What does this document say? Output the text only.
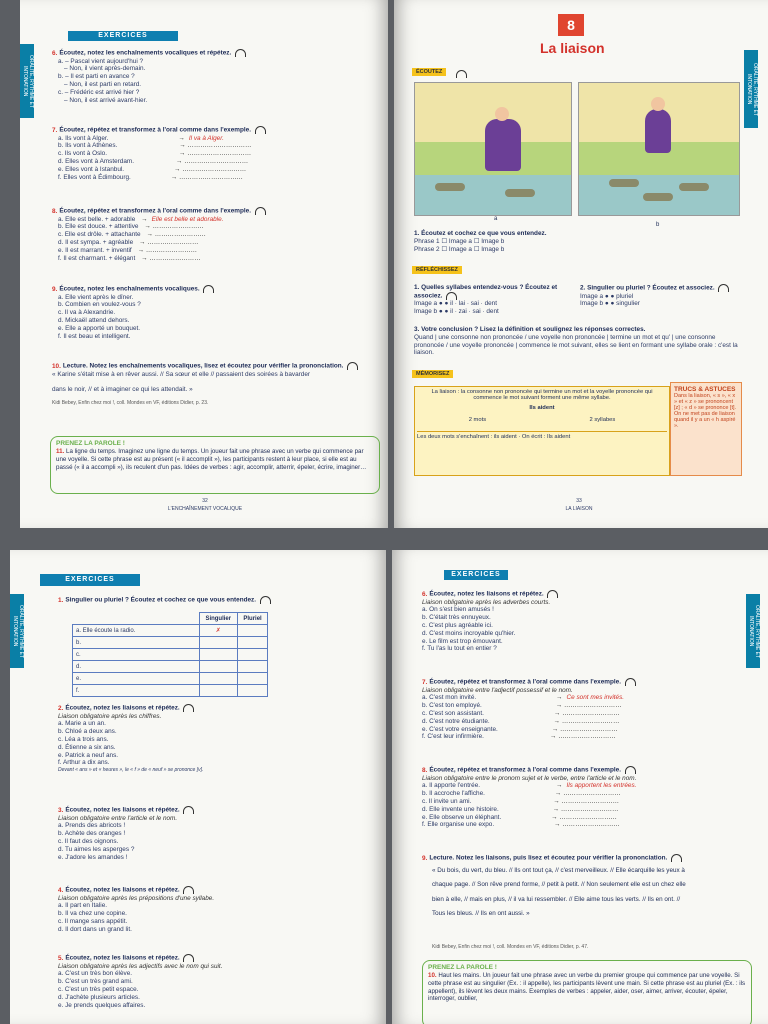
ORALITÉ, RYTHME ET INTONATION
EXERCICES
6. Écoutez, notez les enchaînements vocaliques et répétez.
a. – Pascal vient aujourd'hui ?
– Non, il vient après-demain.
b. – Il est parti en avance ?
– Non, il est parti en retard.
c. – Frédéric est arrivé hier ?
– Non, il est arrivé avant-hier.
7. Écoutez, répétez et transformez à l'oral comme dans l'exemple.
a. Ils vont à Alger.	→ Il va à Alger.
b. Ils vont à Athènes.	→ …………………………
c. Ils vont à Oslo.	→ …………………………
d. Elles vont à Amsterdam.	→ …………………………
e. Elles vont à Istanbul.	→ …………………………
f. Elles vont à Édimbourg.	→ …………………………
8. Écoutez, répétez et transformez à l'oral comme dans l'exemple.
a. Elle est belle. + adorable → Elle est belle et adorable.
b. Elle est douce. + attentive → ……………………
c. Elle est drôle. + attachante → ……………………
d. Il est sympa. + agréable → ……………………
e. Il est marrant. + inventif → ……………………
f. Il est charmant. + élégant → ……………………
9. Écoutez, notez les enchaînements vocaliques.
a. Elle vient après le dîner.
b. Combien en voulez-vous ?
c. Il va à Alexandrie.
d. Mickaël attend dehors.
e. Elle a apporté un bouquet.
f. Il est beau et intelligent.
10. Lecture. Notez les enchaînements vocaliques, lisez et écoutez pour vérifier la prononciation.
« Karine s'était mise à en rêver aussi. // Sa sœur et elle // passaient des soirées à bavarder
dans le noir, // et à imaginer ce qui les attendait. »
Kidi Bebey, Enfin chez moi !, coll. Mondes en VF, éditions Didier, p. 23.
PRENEZ LA PAROLE !
11. La ligne du temps. Imaginez une ligne du temps. Un joueur fait une phrase avec un verbe qui commence par une voyelle. Si cette phrase est au présent (« il accomplit »), les participants restent à leur place, si elle est au passé (« il a accompli »), ils reculent d'un pas. Idées de verbes : agir, accomplir, atterrir, épeler, écrire, imaginer…
32
L'ENCHAÎNEMENT VOCALIQUE
8
La liaison
ORALITÉ, RYTHME ET INTONATION
ÉCOUTEZ
a
b
1. Écoutez et cochez ce que vous entendez.
Phrase 1 ☐ Image a ☐ Image b
Phrase 2 ☐ Image a ☐ Image b
RÉFLÉCHISSEZ
1. Quelles syllabes entendez-vous ? Écoutez et associez.
Image a ● ● il · lai · sai · dent
Image b ● ● il · zai · sai · dent
2. Singulier ou pluriel ? Écoutez et associez.
Image a ● ● pluriel
Image b ● ● singulier
3. Votre conclusion ? Lisez la définition et soulignez les réponses correctes.
Quand | une consonne non prononcée / une voyelle non prononcée | termine un mot et qu' | une consonne prononcée / une voyelle prononcée | commence le mot suivant, elles se lient en formant une syllabe orale : c'est la liaison.
MÉMORISEZ
La liaison : la consonne non prononcée qui termine un mot et la voyelle prononcée qui commence le mot suivant forment une même syllabe.
Ils aident
2 mots	2 syllabes
Les deux mots s'enchaînent : ils aident · On écrit : Ils aident
TRUCS & ASTUCES
Dans la liaison, « s », « x » et « z » se prononcent [z] ; « d » se prononce [t]. On ne met pas de liaison quand il y a un « h aspiré ».
33
LA LIAISON
ORALITÉ, RYTHME ET INTONATION
EXERCICES
1. Singulier ou pluriel ? Écoutez et cochez ce que vous entendez.
	Singulier	Pluriel
a. Elle écoute la radio.	✗	
b.		
c.		
d.		
e.		
f.		
2. Écoutez, notez les liaisons et répétez.
Liaison obligatoire après les chiffres.
a. Marie a un an.
b. Chloé a deux ans.
c. Léa a trois ans.
d. Étienne a six ans.
e. Patrick a neuf ans.
f. Arthur a dix ans.
Devant « ans » et « heures », le « f » de « neuf » se prononce [v].
3. Écoutez, notez les liaisons et répétez.
Liaison obligatoire entre l'article et le nom.
a. Prends des abricots !
b. Achète des oranges !
c. Il faut des oignons.
d. Tu aimes les asperges ?
e. J'adore les amandes !
4. Écoutez, notez les liaisons et répétez.
Liaison obligatoire après les prépositions d'une syllabe.
a. Il part en Italie.
b. Il va chez une copine.
c. Il mange sans appétit.
d. Il dort dans un grand lit.
5. Écoutez, notez les liaisons et répétez.
Liaison obligatoire après les adjectifs avec le nom qui suit.
a. C'est un très bon élève.
b. C'est un très grand ami.
c. C'est un très petit espace.
d. J'achète plusieurs articles.
e. Je prends quelques affaires.
ORALITÉ, RYTHME ET INTONATION
EXERCICES
6. Écoutez, notez les liaisons et répétez.
Liaison obligatoire après les adverbes courts.
a. On s'est bien amusés !
b. C'était très ennuyeux.
c. C'est plus agréable ici.
d. C'est moins incroyable qu'hier.
e. Le film est trop émouvant.
f. Tu l'as lu tout en entier ?
7. Écoutez, répétez et transformez à l'oral comme dans l'exemple.
Liaison obligatoire entre l'adjectif possessif et le nom.
a. C'est mon invité.	→ Ce sont mes invités.
b. C'est ton employé.	→ ………………………
c. C'est son assistant.	→ ………………………
d. C'est notre étudiante.	→ ………………………
e. C'est votre enseignante.	→ ………………………
f. C'est leur infirmière.	→ ………………………
8. Écoutez, répétez et transformez à l'oral comme dans l'exemple.
Liaison obligatoire entre le pronom sujet et le verbe, entre l'article et le nom.
a. Il apporte l'entrée.	→ Ils apportent les entrées.
b. Il accroche l'affiche.	→ ………………………
c. Il invite un ami.	→ ………………………
d. Elle invente une histoire.	→ ………………………
e. Elle observe un éléphant.	→ ………………………
f. Elle organise une expo.	→ ………………………
9. Lecture. Notez les liaisons, puis lisez et écoutez pour vérifier la prononciation.
« Du bois, du vert, du bleu. // Ils ont tout ça, // c'est merveilleux. // Elle écarquille les yeux à
chaque page. // Son rêve prend forme, // petit à petit. // Non seulement elle est un chez elle
bien à elle, // mais en plus, // il va lui ressembler. // Elle aime tous les verts. // Ils en ont. //
Tous les bleus. // Ils en ont aussi. »
Kidi Bebey, Enfin chez moi !, coll. Mondes en VF, éditions Didier, p. 47.
PRENEZ LA PAROLE !
10. Haut les mains. Un joueur fait une phrase avec un verbe du premier groupe qui commence par une voyelle. Si cette phrase est au singulier (Ex. : il appelle), les participants lèvent une main. Si cette phrase est au pluriel (Ex. : ils appellent), ils lèvent les deux mains. Exemples de verbes : appeler, aider, oser, aimer, arriver, écouter, épeler, interroger, oublier,
